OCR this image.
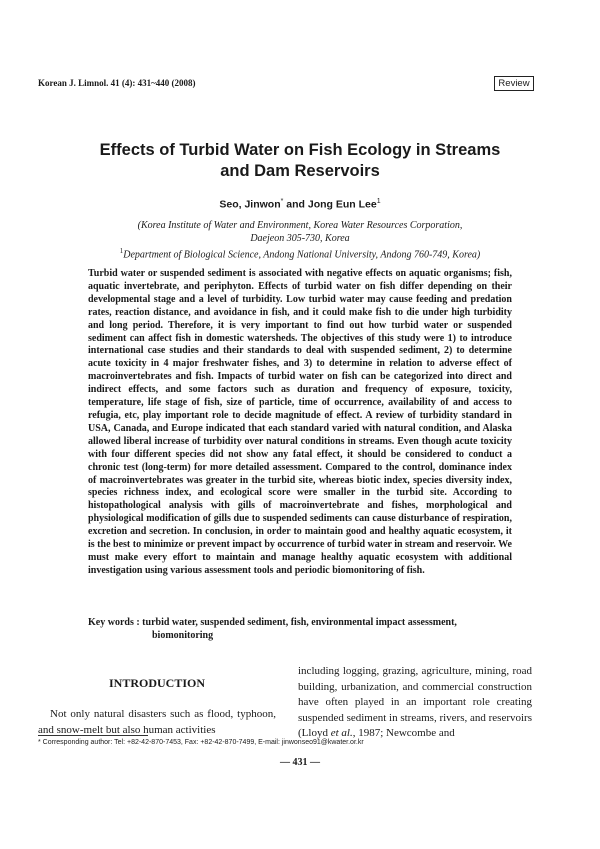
Korean J. Limnol. 41 (4): 431~440 (2008)	Review
Effects of Turbid Water on Fish Ecology in Streams
and Dam Reservoirs
Seo, Jinwon* and Jong Eun Lee$^1$
(Korea Institute of Water and Environment, Korea Water Resources Corporation,
Daejeon 305-730, Korea
$^1$Department of Biological Science, Andong National University, Andong 760-749, Korea)
Turbid water or suspended sediment is associated with negative effects on aquatic organisms; fish, aquatic invertebrate, and periphyton. Effects of turbid water on fish differ depending on their developmental stage and a level of turbidity. Low turbid water may cause feeding and predation rates, reaction distance, and avoidance in fish, and it could make fish to die under high turbidity and long period. Therefore, it is very important to find out how turbid water or suspended sediment can affect fish in domestic watersheds. The objectives of this study were 1) to introduce international case studies and their standards to deal with suspended sediment, 2) to determine acute toxicity in 4 major freshwater fishes, and 3) to determine in relation to adverse effect of macroinvertebrates and fish. Impacts of turbid water on fish can be categorized into direct and indirect effects, and some factors such as duration and frequency of exposure, toxicity, temperature, life stage of fish, size of particle, time of occurrence, availability of and access to refugia, etc, play important role to decide magnitude of effect. A review of turbidity standard in USA, Canada, and Europe indicated that each standard varied with natural condition, and Alaska allowed liberal increase of turbidity over natural conditions in streams. Even though acute toxicity with four different species did not show any fatal effect, it should be considered to conduct a chronic test (long-term) for more detailed assessment. Compared to the control, dominance index of macroinvertebrates was greater in the turbid site, whereas biotic index, species diversity index, species richness index, and ecological score were smaller in the turbid site. According to histopathological analysis with gills of macroinvertebrate and fishes, morphological and physiological modification of gills due to suspended sediments can cause disturbance of respiration, excretion and secretion. In conclusion, in order to maintain good and healthy aquatic ecosystem, it is the best to minimize or prevent impact by occurrence of turbid water in stream and reservoir. We must make every effort to maintain and manage healthy aquatic ecosystem with additional investigation using various assessment tools and periodic biomonitoring of fish.
Key words : turbid water, suspended sediment, fish, environmental impact assessment, biomonitoring
INTRODUCTION

Not only natural disasters such as flood, typhoon, and snow-melt but also human activities

including logging, grazing, agriculture, mining, road building, urbanization, and commercial construction have often played in an important role creating suspended sediment in streams, rivers, and reservoirs (Lloyd et al., 1987; Newcombe and

* Corresponding author: Tel: +82-42-870-7453, Fax: +82-42-870-7499, E-mail: jinwonseo91@kwater.or.kr
— 431 —
